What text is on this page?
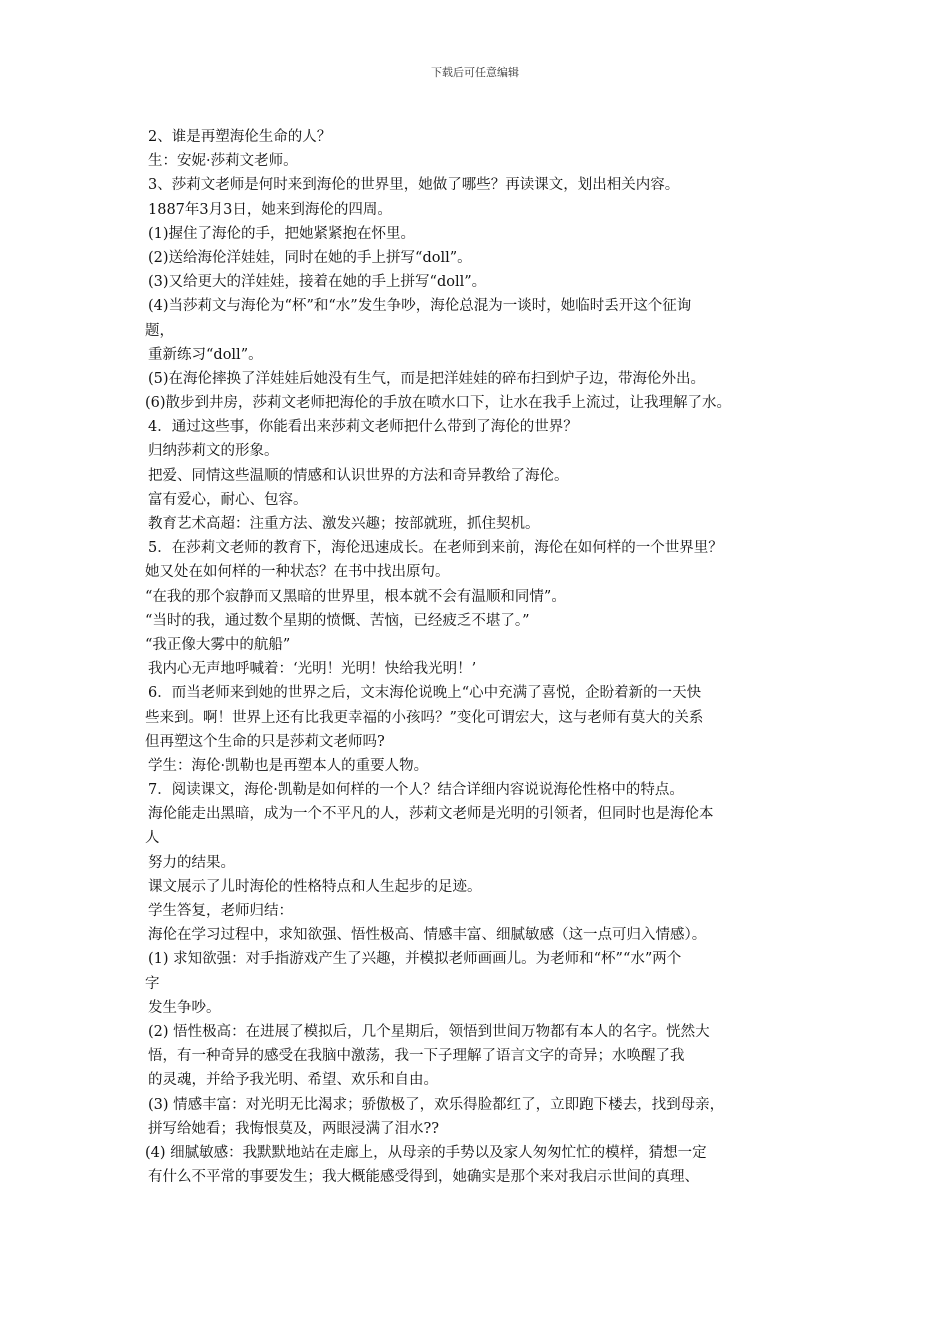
下载后可任意编辑
2、谁是再塑海伦生命的人？
生：安妮·莎莉文老师。
3、莎莉文老师是何时来到海伦的世界里，她做了哪些？再读课文，划出相关内容。
1887年3月3日，她来到海伦的四周。
(1)握住了海伦的手，把她紧紧抱在怀里。
(2)送给海伦洋娃娃，同时在她的手上拼写“doll”。
(3)又给更大的洋娃娃，接着在她的手上拼写“doll”。
(4)当莎莉文与海伦为“杯”和“水”发生争吵，海伦总混为一谈时，她临时丢开这个征询
题，
重新练习“doll”。
(5)在海伦摔换了洋娃娃后她没有生气，而是把洋娃娃的碎布扫到炉子边，带海伦外出。
(6)散步到井房，莎莉文老师把海伦的手放在喷水口下，让水在我手上流过，让我理解了水。
4．通过这些事，你能看出来莎莉文老师把什么带到了海伦的世界？
归纳莎莉文的形象。
把爱、同情这些温顺的情感和认识世界的方法和奇异教给了海伦。
富有爱心，耐心、包容。
教育艺术高超：注重方法、激发兴趣；按部就班，抓住契机。
5．在莎莉文老师的教育下，海伦迅速成长。在老师到来前，海伦在如何样的一个世界里？
她又处在如何样的一种状态？在书中找出原句。
“在我的那个寂静而又黑暗的世界里，根本就不会有温顺和同情”。
“当时的我，通过数个星期的愤慨、苦恼，已经疲乏不堪了。”
“我正像大雾中的航船”
我内心无声地呼喊着：‘光明！光明！快给我光明！’
6．而当老师来到她的世界之后，文末海伦说晚上“心中充满了喜悦，企盼着新的一天快
些来到。啊！世界上还有比我更幸福的小孩吗？”变化可谓宏大，这与老师有莫大的关系
但再塑这个生命的只是莎莉文老师吗?
学生：海伦·凯勒也是再塑本人的重要人物。
7．阅读课文，海伦·凯勒是如何样的一个人？结合详细内容说说海伦性格中的特点。
海伦能走出黑暗，成为一个不平凡的人，莎莉文老师是光明的引领者，但同时也是海伦本
人
努力的结果。
课文展示了儿时海伦的性格特点和人生起步的足迹。
学生答复，老师归结：
海伦在学习过程中，求知欲强、悟性极高、情感丰富、细腻敏感（这一点可归入情感）。
(1) 求知欲强：对手指游戏产生了兴趣，并模拟老师画画儿。为老师和“杯”“水”两个
字
发生争吵。
(2) 悟性极高：在进展了模拟后，几个星期后，领悟到世间万物都有本人的名字。恍然大
悟，有一种奇异的感受在我脑中激荡，我一下子理解了语言文字的奇异；水唤醒了我
的灵魂，并给予我光明、希望、欢乐和自由。
(3) 情感丰富：对光明无比渴求；骄傲极了，欢乐得脸都红了，立即跑下楼去，找到母亲，
拼写给她看；我悔恨莫及，两眼浸满了泪水??
(4) 细腻敏感：我默默地站在走廊上，从母亲的手势以及家人匆匆忙忙的模样，猜想一定
有什么不平常的事要发生；我大概能感受得到，她确实是那个来对我启示世间的真理、
